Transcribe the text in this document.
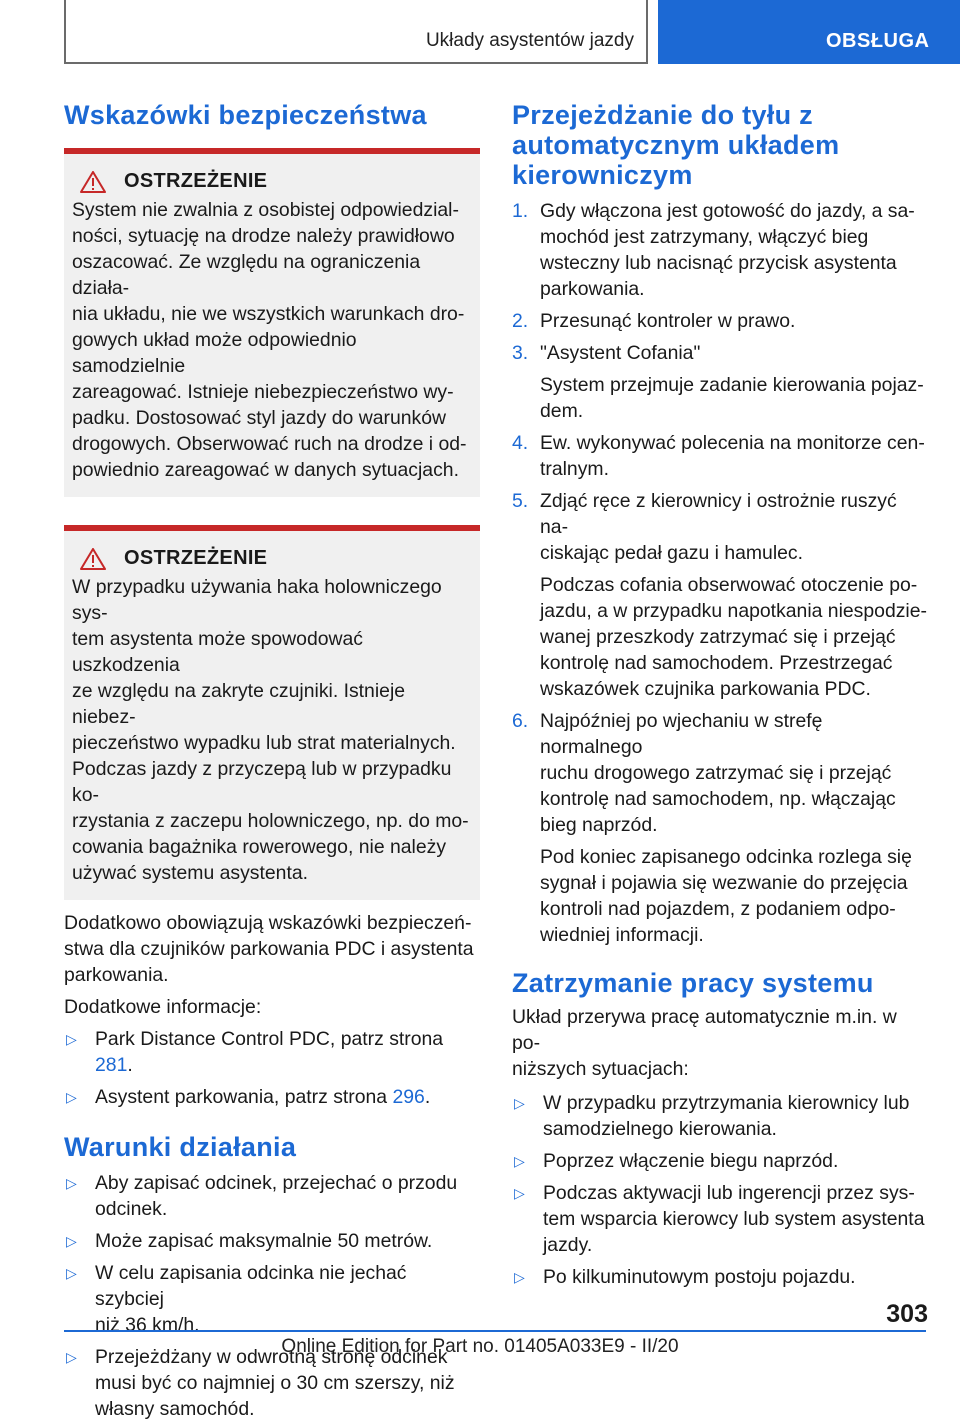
Układy asystentów jazdy	OBSŁUGA
Wskazówki bezpieczeństwa
OSTRZEŻENIE
System nie zwalnia z osobistej odpowiedzial-
ności, sytuację na drodze należy prawidłowo
oszacować. Ze względu na ograniczenia działa-
nia układu, nie we wszystkich warunkach dro-
gowych układ może odpowiednio samodzielnie
zareagować. Istnieje niebezpieczeństwo wy-
padku. Dostosować styl jazdy do warunków
drogowych. Obserwować ruch na drodze i od-
powiednio zareagować w danych sytuacjach.
OSTRZEŻENIE
W przypadku używania haka holowniczego sys-
tem asystenta może spowodować uszkodzenia
ze względu na zakryte czujniki. Istnieje niebez-
pieczeństwo wypadku lub strat materialnych.
Podczas jazdy z przyczepą lub w przypadku ko-
rzystania z zaczepu holowniczego, np. do mo-
cowania bagażnika rowerowego, nie należy
używać systemu asystenta.

Dodatkowo obowiązują wskazówki bezpieczeń-

stwa dla czujników parkowania PDC i asystenta

parkowania.

Dodatkowe informacje:

▷ Park Distance Control PDC, patrz strona 281.
▷ Asystent parkowania, patrz strona 296.
Warunki działania
▷ Aby zapisać odcinek, przejechać o przodu
odcinek.
▷ Może zapisać maksymalnie 50 metrów.
▷ W celu zapisania odcinka nie jechać szybciej
niż 36 km/h.
▷ Przejeżdżany w odwrotną stronę odcinek
musi być co najmniej o 30 cm szerszy, niż
własny samochód.
Przejeżdżanie do tyłu z
automatycznym układem
kierowniczym
1. Gdy włączona jest gotowość do jazdy, a sa-
mochód jest zatrzymany, włączyć bieg
wsteczny lub nacisnąć przycisk asystenta
parkowania.
2. Przesunąć kontroler w prawo.
3. "Asystent Cofania"
System przejmuje zadanie kierowania pojaz-
dem.
4. Ew. wykonywać polecenia na monitorze cen-
tralnym.
5. Zdjąć ręce z kierownicy i ostrożnie ruszyć na-
ciskając pedał gazu i hamulec.
Podczas cofania obserwować otoczenie po-
jazdu, a w przypadku napotkania niespodzie-
wanej przeszkody zatrzymać się i przejąć
kontrolę nad samochodem. Przestrzegać
wskazówek czujnika parkowania PDC.
6. Najpóźniej po wjechaniu w strefę normalnego
ruchu drogowego zatrzymać się i przejąć
kontrolę nad samochodem, np. włączając
bieg naprzód.
Pod koniec zapisanego odcinka rozlega się
sygnał i pojawia się wezwanie do przejęcia
kontroli nad pojazdem, z podaniem odpo-
wiedniej informacji.
Zatrzymanie pracy systemu

Układ przerywa pracę automatycznie m.in. w po-

niższych sytuacjach:

▷ W przypadku przytrzymania kierownicy lub
samodzielnego kierowania.
▷ Poprzez włączenie biegu naprzód.
▷ Podczas aktywacji lub ingerencji przez sys-
tem wsparcia kierowcy lub system asystenta
jazdy.
▷ Po kilkuminutowym postoju pojazdu.
303
Online Edition for Part no. 01405A033E9 - II/20
